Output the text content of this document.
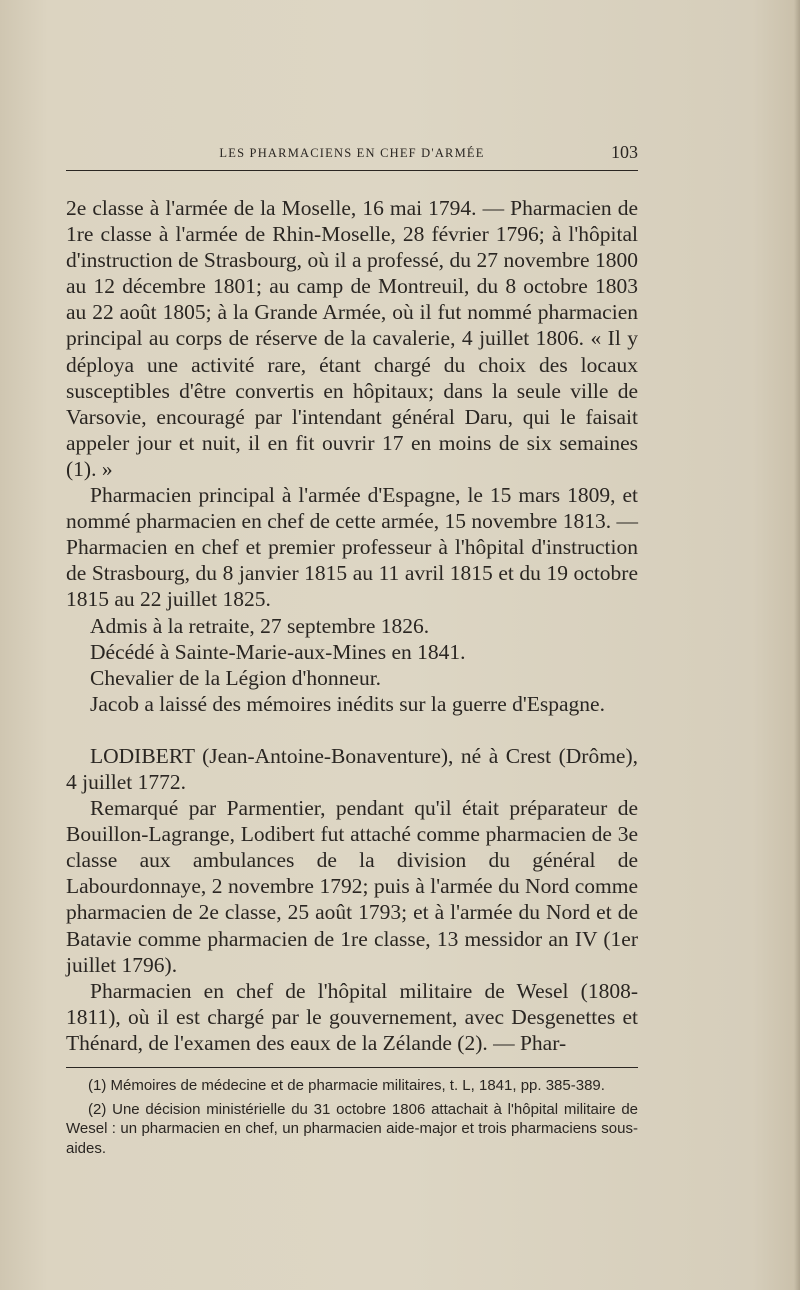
LES PHARMACIENS EN CHEF D'ARMÉE	103

2e classe à l'armée de la Moselle, 16 mai 1794. — Pharmacien de 1re classe à l'armée de Rhin-Moselle, 28 février 1796; à l'hôpital d'instruction de Strasbourg, où il a professé, du 27 novembre 1800 au 12 décembre 1801; au camp de Montreuil, du 8 octobre 1803 au 22 août 1805; à la Grande Armée, où il fut nommé pharmacien principal au corps de réserve de la cavalerie, 4 juillet 1806. « Il y déploya une activité rare, étant chargé du choix des locaux susceptibles d'être convertis en hôpitaux; dans la seule ville de Varsovie, encouragé par l'intendant général Daru, qui le faisait appeler jour et nuit, il en fit ouvrir 17 en moins de six semaines (1). »

Pharmacien principal à l'armée d'Espagne, le 15 mars 1809, et nommé pharmacien en chef de cette armée, 15 novembre 1813. — Pharmacien en chef et premier professeur à l'hôpital d'instruction de Strasbourg, du 8 janvier 1815 au 11 avril 1815 et du 19 octobre 1815 au 22 juillet 1825.

Admis à la retraite, 27 septembre 1826.

Décédé à Sainte-Marie-aux-Mines en 1841.

Chevalier de la Légion d'honneur.

Jacob a laissé des mémoires inédits sur la guerre d'Espagne.

LODIBERT (Jean-Antoine-Bonaventure), né à Crest (Drôme), 4 juillet 1772.

Remarqué par Parmentier, pendant qu'il était préparateur de Bouillon-Lagrange, Lodibert fut attaché comme pharmacien de 3e classe aux ambulances de la division du général de Labourdonnaye, 2 novembre 1792; puis à l'armée du Nord comme pharmacien de 2e classe, 25 août 1793; et à l'armée du Nord et de Batavie comme pharmacien de 1re classe, 13 messidor an IV (1er juillet 1796).

Pharmacien en chef de l'hôpital militaire de Wesel (1808-1811), où il est chargé par le gouvernement, avec Desgenettes et Thénard, de l'examen des eaux de la Zélande (2). — Phar-

(1) Mémoires de médecine et de pharmacie militaires, t. L, 1841, pp. 385-389.

(2) Une décision ministérielle du 31 octobre 1806 attachait à l'hôpital militaire de Wesel : un pharmacien en chef, un pharmacien aide-major et trois pharmaciens sous-aides.
